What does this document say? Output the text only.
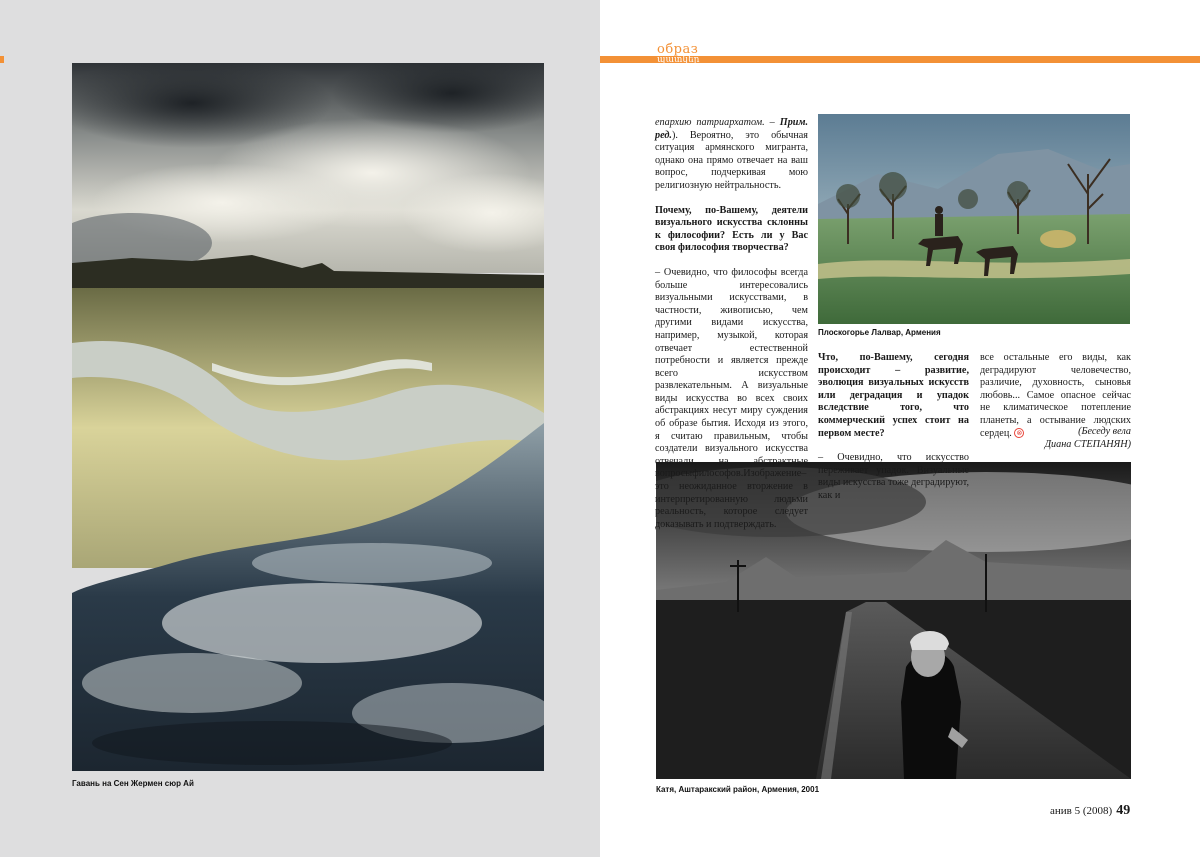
образ
պատկեր
Гавань на Сен Жермен сюр Ай
Плоскогорье Лалвар, Армения
Катя, Аштаракский район, Армения, 2001

епархию патриархатом. – Прим. ред.). Вероятно, это обычная ситуация армянского мигранта, однако она прямо отвечает на ваш вопрос, подчеркивая мою религиозную нейтральность.

Почему, по-Вашему, деятели визуального искусства склонны к философии? Есть ли у Вас своя философия творчества?

– Очевидно, что философы всегда больше интересовались визуальными искусствами, в частности, живописью, чем другими видами искусства, например, музыкой, которая отвечает естественной потребности и является прежде всего искусством развлекательным. А визуальные виды искусства во всех своих абстракциях несут миру суждения об образе бытия. Исходя из этого, я считаю правильным, чтобы создатели визуального искусства отвечали на абстрактные вопросыфилософов.Изображение–это неожиданное вторжение в интерпретированную людьми реальность, которое следует доказывать и подтверждать.

Что, по-Вашему, сегодня происходит – развитие, эволюция визуальных искусств или деградация и упадок вследствие того, что коммерческий успех стоит на первом месте?

– Очевидно, что искусство переживает упадок. Визуальные виды искусства тоже деградируют, как и

все остальные его виды, как деградируют человечество, различие, духовность, сыновья любовь... Самое опасное сейчас не климатическое потепление планеты, а остывание людских сердец. ⊗	(Беседу вела
Диана СТЕПАНЯН)
анив 5 (2008) 49
